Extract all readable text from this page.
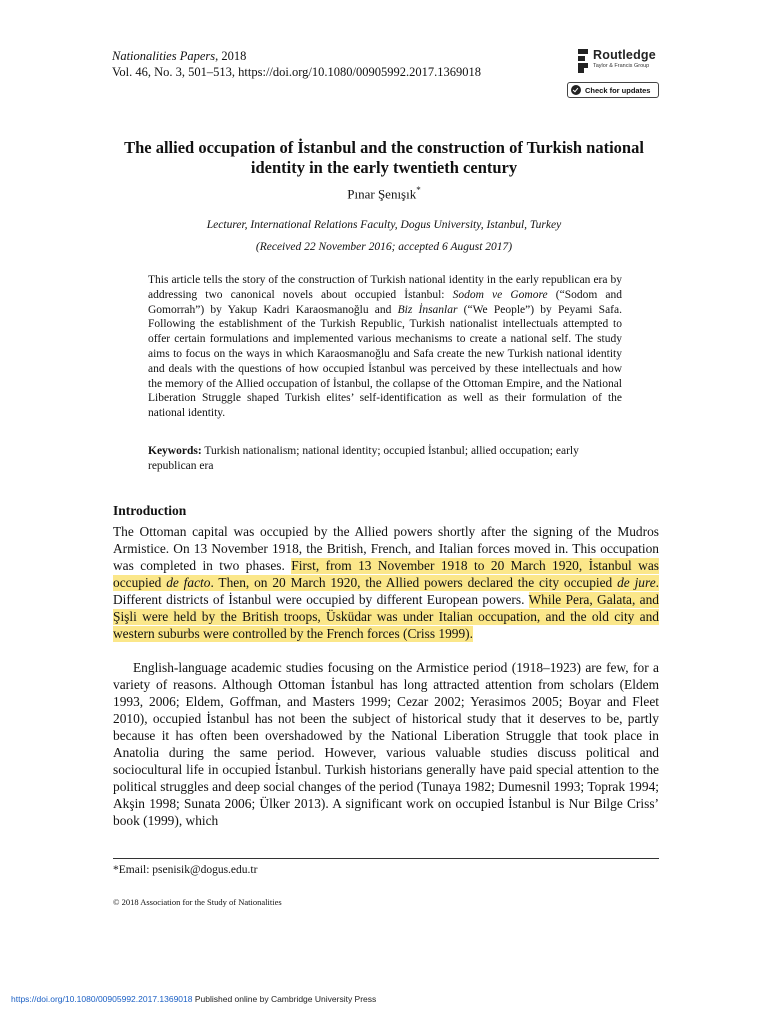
Nationalities Papers, 2018
Vol. 46, No. 3, 501–513, https://doi.org/10.1080/00905992.2017.1369018
Routledge
Taylor & Francis Group
Check for updates
The allied occupation of İstanbul and the construction of Turkish national identity in the early twentieth century
Pınar Şenışık*
Lecturer, International Relations Faculty, Dogus University, Istanbul, Turkey
(Received 22 November 2016; accepted 6 August 2017)
This article tells the story of the construction of Turkish national identity in the early republican era by addressing two canonical novels about occupied İstanbul: Sodom ve Gomore (“Sodom and Gomorrah”) by Yakup Kadri Karaosmanoğlu and Biz İnsanlar (“We People”) by Peyami Safa. Following the establishment of the Turkish Republic, Turkish nationalist intellectuals attempted to offer certain formulations and implemented various mechanisms to create a national self. The study aims to focus on the ways in which Karaosmanoğlu and Safa create the new Turkish national identity and deals with the questions of how occupied İstanbul was perceived by these intellectuals and how the memory of the Allied occupation of İstanbul, the collapse of the Ottoman Empire, and the National Liberation Struggle shaped Turkish elites’ self-identification as well as their formulation of the national identity.
Keywords: Turkish nationalism; national identity; occupied İstanbul; allied occupation; early republican era
Introduction
The Ottoman capital was occupied by the Allied powers shortly after the signing of the Mudros Armistice. On 13 November 1918, the British, French, and Italian forces moved in. This occupation was completed in two phases. First, from 13 November 1918 to 20 March 1920, İstanbul was occupied de facto. Then, on 20 March 1920, the Allied powers declared the city occupied de jure. Different districts of İstanbul were occupied by different European powers. While Pera, Galata, and Şişli were held by the British troops, Üsküdar was under Italian occupation, and the old city and western suburbs were controlled by the French forces (Criss 1999).
English-language academic studies focusing on the Armistice period (1918–1923) are few, for a variety of reasons. Although Ottoman İstanbul has long attracted attention from scholars (Eldem 1993, 2006; Eldem, Goffman, and Masters 1999; Cezar 2002; Yerasimos 2005; Boyar and Fleet 2010), occupied İstanbul has not been the subject of historical study that it deserves to be, partly because it has often been overshadowed by the National Liberation Struggle that took place in Anatolia during the same period. However, various valuable studies discuss political and sociocultural life in occupied İstanbul. Turkish historians generally have paid special attention to the political struggles and deep social changes of the period (Tunaya 1982; Dumesnil 1993; Toprak 1994; Akşin 1998; Sunata 2006; Ülker 2013). A significant work on occupied İstanbul is Nur Bilge Criss’ book (1999), which
*Email: psenisik@dogus.edu.tr
© 2018 Association for the Study of Nationalities
https://doi.org/10.1080/00905992.2017.1369018 Published online by Cambridge University Press
